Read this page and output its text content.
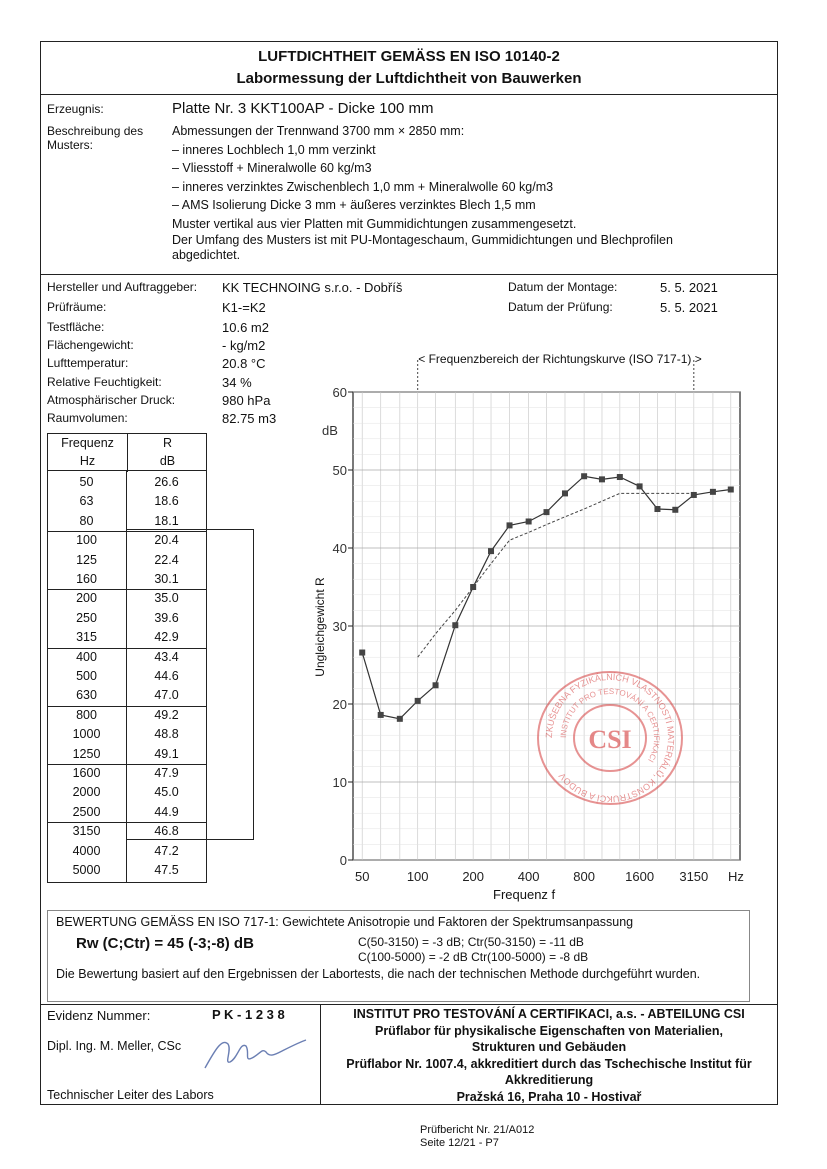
LUFTDICHTHEIT GEMÄSS EN ISO 10140-2
Labormessung der Luftdichtheit von Bauwerken
Erzeugnis:	Platte Nr. 3 KKT100AP - Dicke 100 mm
Beschreibung des Musters:
Abmessungen der Trennwand 3700 mm × 2850 mm:
– inneres Lochblech 1,0 mm verzinkt
– Vliesstoff + Mineralwolle 60 kg/m3
– inneres verzinktes Zwischenblech 1,0 mm + Mineralwolle 60 kg/m3
– AMS Isolierung Dicke 3 mm + äußeres verzinktes Blech 1,5 mm
Muster vertikal aus vier Platten mit Gummidichtungen zusammengesetzt.
Der Umfang des Musters ist mit PU-Montageschaum, Gummidichtungen und Blechprofilen abgedichtet.
Hersteller und Auftraggeber: KK TECHNOING s.r.o. - Dobříš
Prüfräume:	K1-=K2
Testfläche:	10.6 m2
Flächengewicht:	- kg/m2
Lufttemperatur:	20.8 °C
Relative Feuchtigkeit:	34 %
Atmosphärischer Druck:	980 hPa
Raumvolumen:	82.75 m3
Datum der Montage:	5. 5. 2021
Datum der Prüfung:	5. 5. 2021
Frequenz
Hz
R
dB
50	26.6
63	18.6
80	18.1
100	20.4
125	22.4
160	30.1
200	35.0
250	39.6
315	42.9
400	43.4
500	44.6
630	47.0
800	49.2
1000	48.8
1250	49.1
1600	47.9
2000	45.0
2500	44.9
3150	46.8
4000	47.2
5000	47.5
< Frequenzbereich der Richtungskurve (ISO 717-1) >
dB
Ungleichgewicht R
Frequenz f
0
10
20
30
40
50
60
50	100	200	400	800 1600 3150 Hz
ZKUŠEBNA FYZIKÁLNÍCH VLASTNOSTÍ MATERIÁLŮ, KONSTRUKCÍ A BUDOV
INSTITUT PRO TESTOVÁNÍ A CERTIFIKACI
CSI
BEWERTUNG GEMÄSS EN ISO 717-1: Gewichtete Anisotropie und Faktoren der Spektrumsanpassung
Rw (C;Ctr) = 45 (-3;-8) dB	C(50-3150) = -3 dB; Ctr(50-3150) = -11 dB
C(100-5000) = -2 dB Ctr(100-5000) = -8 dB
Die Bewertung basiert auf den Ergebnissen der Labortests, die nach der technischen Methode durchgeführt wurden.
Evidenz Nummer:	P K - 1 2 3 8
Dipl. Ing. M. Meller, CSc
Technischer Leiter des Labors
INSTITUT PRO TESTOVÁNÍ A CERTIFIKACI, a.s. - ABTEILUNG CSI
Prüflabor für physikalische Eigenschaften von Materialien, Strukturen und Gebäuden
Prüflabor Nr. 1007.4, akkreditiert durch das Tschechische Institut für Akkreditierung
Pražská 16, Praha 10 - Hostivař
Prüfbericht Nr. 21/A012
Seite 12/21 - P7
